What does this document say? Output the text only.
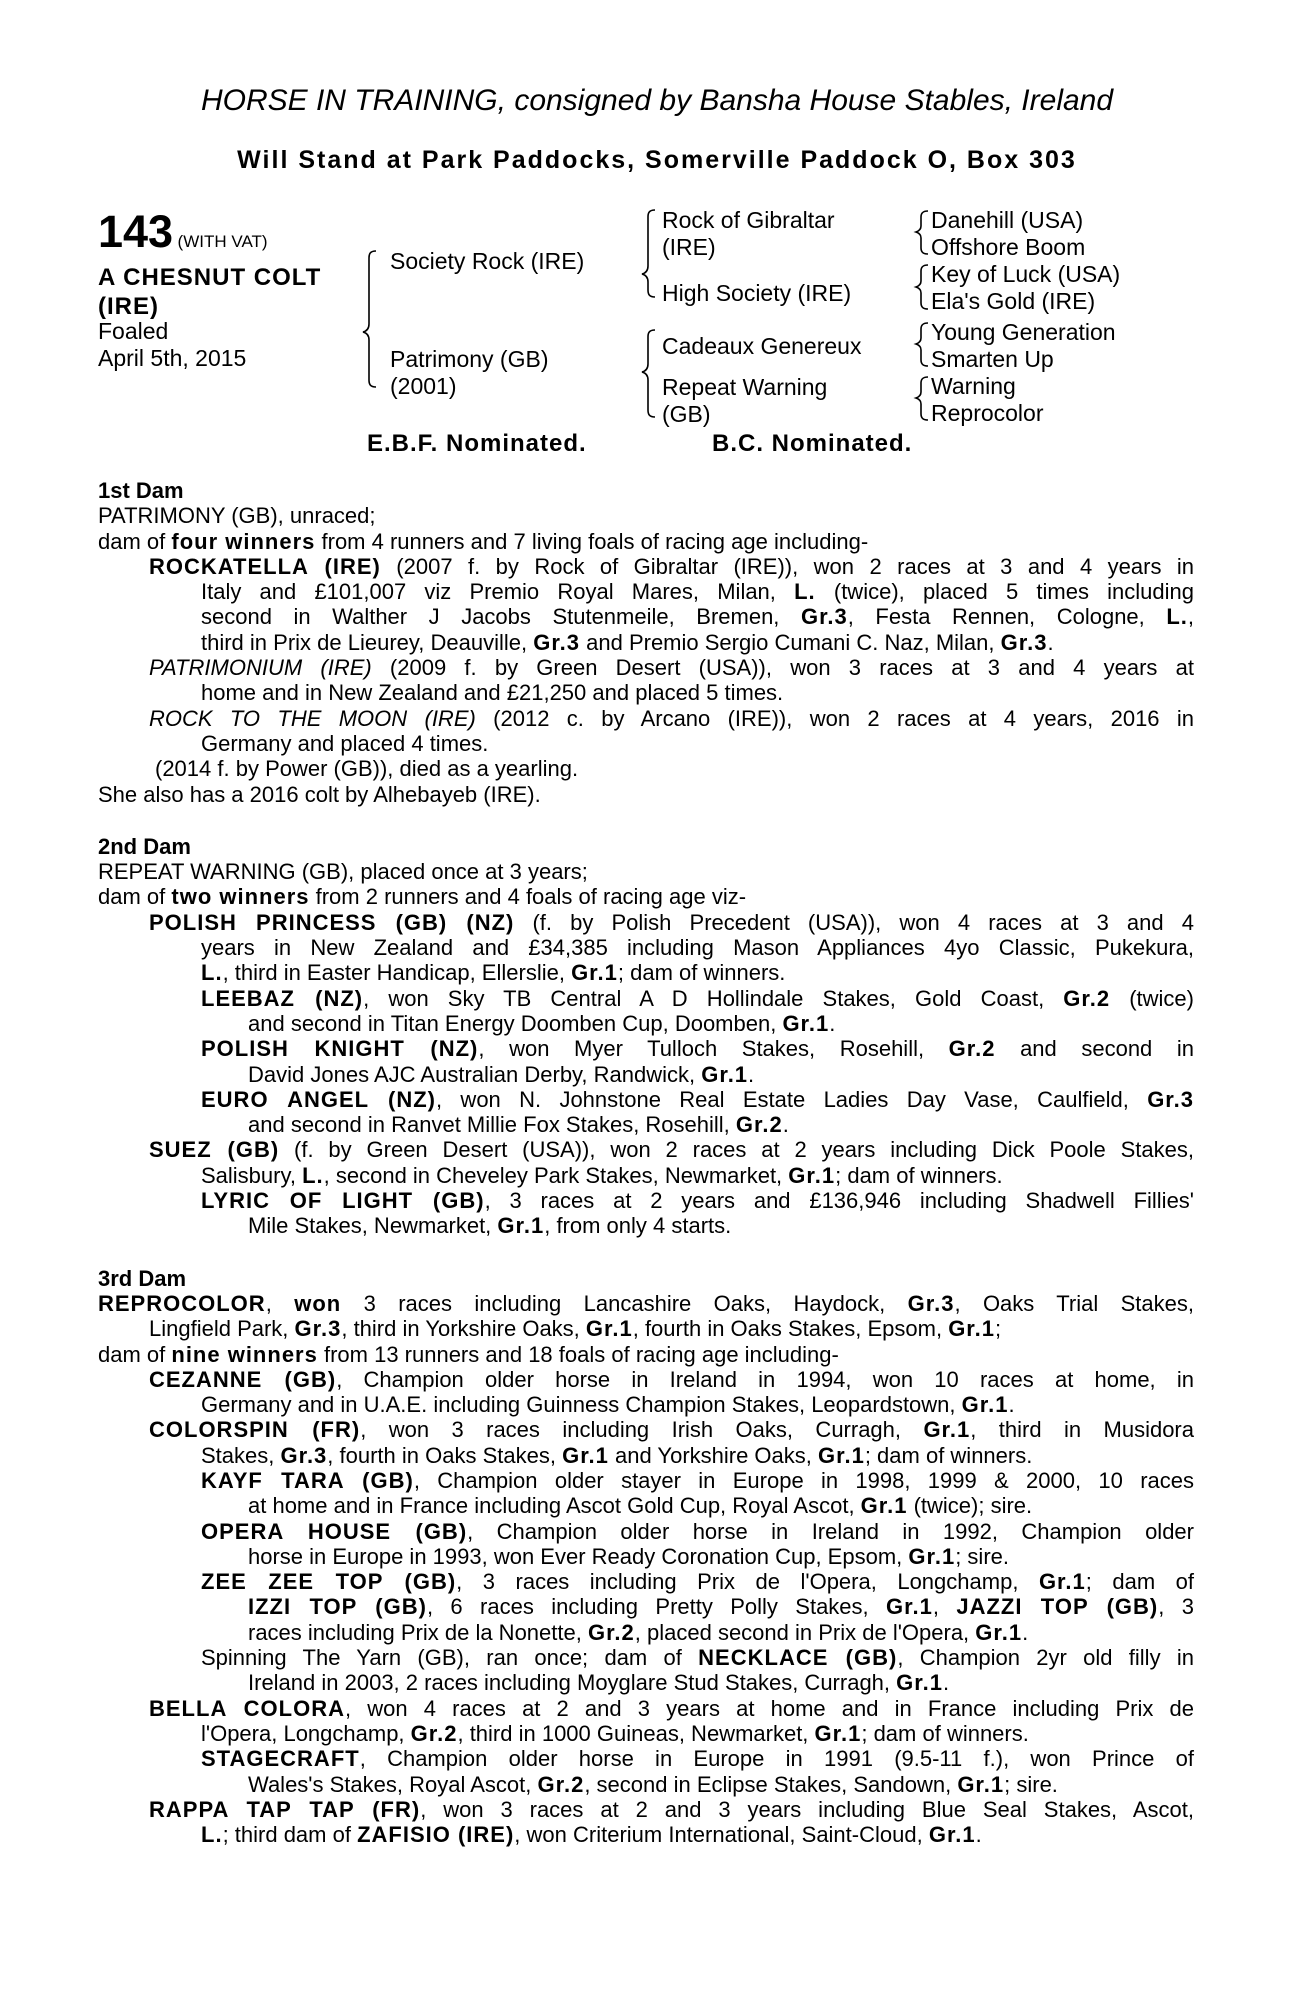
HORSE IN TRAINING, consigned by Bansha House Stables, Ireland
Will Stand at Park Paddocks, Somerville Paddock O, Box 303
143 (WITH VAT)
A CHESNUT COLT
(IRE)
Foaled
April 5th, 2015
Society Rock (IRE)
Patrimony (GB)
(2001)
Rock of Gibraltar
(IRE)
High Society (IRE)
Cadeaux Genereux
Repeat Warning
(GB)
Danehill (USA)
Offshore Boom
Key of Luck (USA)
Ela's Gold (IRE)
Young Generation
Smarten Up
Warning
Reprocolor
E.B.F. Nominated.	B.C. Nominated.
1st Dam
PATRIMONY (GB), unraced;
dam of four winners from 4 runners and 7 living foals of racing age including-
ROCKATELLA (IRE) (2007 f. by Rock of Gibraltar (IRE)), won 2 races at 3 and 4 years in
Italy and £101,007 viz Premio Royal Mares, Milan, L. (twice), placed 5 times including
second in Walther J Jacobs Stutenmeile, Bremen, Gr.3, Festa Rennen, Cologne, L.,
third in Prix de Lieurey, Deauville, Gr.3 and Premio Sergio Cumani C. Naz, Milan, Gr.3.
PATRIMONIUM (IRE) (2009 f. by Green Desert (USA)), won 3 races at 3 and 4 years at
home and in New Zealand and £21,250 and placed 5 times.
ROCK TO THE MOON (IRE) (2012 c. by Arcano (IRE)), won 2 races at 4 years, 2016 in
Germany and placed 4 times.
(2014 f. by Power (GB)), died as a yearling.
She also has a 2016 colt by Alhebayeb (IRE).
2nd Dam
REPEAT WARNING (GB), placed once at 3 years;
dam of two winners from 2 runners and 4 foals of racing age viz-
POLISH PRINCESS (GB) (NZ) (f. by Polish Precedent (USA)), won 4 races at 3 and 4
years in New Zealand and £34,385 including Mason Appliances 4yo Classic, Pukekura,
L., third in Easter Handicap, Ellerslie, Gr.1; dam of winners.
LEEBAZ (NZ), won Sky TB Central A D Hollindale Stakes, Gold Coast, Gr.2 (twice)
and second in Titan Energy Doomben Cup, Doomben, Gr.1.
POLISH KNIGHT (NZ), won Myer Tulloch Stakes, Rosehill, Gr.2 and second in
David Jones AJC Australian Derby, Randwick, Gr.1.
EURO ANGEL (NZ), won N. Johnstone Real Estate Ladies Day Vase, Caulfield, Gr.3
and second in Ranvet Millie Fox Stakes, Rosehill, Gr.2.
SUEZ (GB) (f. by Green Desert (USA)), won 2 races at 2 years including Dick Poole Stakes,
Salisbury, L., second in Cheveley Park Stakes, Newmarket, Gr.1; dam of winners.
LYRIC OF LIGHT (GB), 3 races at 2 years and £136,946 including Shadwell Fillies'
Mile Stakes, Newmarket, Gr.1, from only 4 starts.
3rd Dam
REPROCOLOR, won 3 races including Lancashire Oaks, Haydock, Gr.3, Oaks Trial Stakes,
Lingfield Park, Gr.3, third in Yorkshire Oaks, Gr.1, fourth in Oaks Stakes, Epsom, Gr.1;
dam of nine winners from 13 runners and 18 foals of racing age including-
CEZANNE (GB), Champion older horse in Ireland in 1994, won 10 races at home, in
Germany and in U.A.E. including Guinness Champion Stakes, Leopardstown, Gr.1.
COLORSPIN (FR), won 3 races including Irish Oaks, Curragh, Gr.1, third in Musidora
Stakes, Gr.3, fourth in Oaks Stakes, Gr.1 and Yorkshire Oaks, Gr.1; dam of winners.
KAYF TARA (GB), Champion older stayer in Europe in 1998, 1999 & 2000, 10 races
at home and in France including Ascot Gold Cup, Royal Ascot, Gr.1 (twice); sire.
OPERA HOUSE (GB), Champion older horse in Ireland in 1992, Champion older
horse in Europe in 1993, won Ever Ready Coronation Cup, Epsom, Gr.1; sire.
ZEE ZEE TOP (GB), 3 races including Prix de l'Opera, Longchamp, Gr.1; dam of
IZZI TOP (GB), 6 races including Pretty Polly Stakes, Gr.1, JAZZI TOP (GB), 3
races including Prix de la Nonette, Gr.2, placed second in Prix de l'Opera, Gr.1.
Spinning The Yarn (GB), ran once; dam of NECKLACE (GB), Champion 2yr old filly in
Ireland in 2003, 2 races including Moyglare Stud Stakes, Curragh, Gr.1.
BELLA COLORA, won 4 races at 2 and 3 years at home and in France including Prix de
l'Opera, Longchamp, Gr.2, third in 1000 Guineas, Newmarket, Gr.1; dam of winners.
STAGECRAFT, Champion older horse in Europe in 1991 (9.5-11 f.), won Prince of
Wales's Stakes, Royal Ascot, Gr.2, second in Eclipse Stakes, Sandown, Gr.1; sire.
RAPPA TAP TAP (FR), won 3 races at 2 and 3 years including Blue Seal Stakes, Ascot,
L.; third dam of ZAFISIO (IRE), won Criterium International, Saint-Cloud, Gr.1.
